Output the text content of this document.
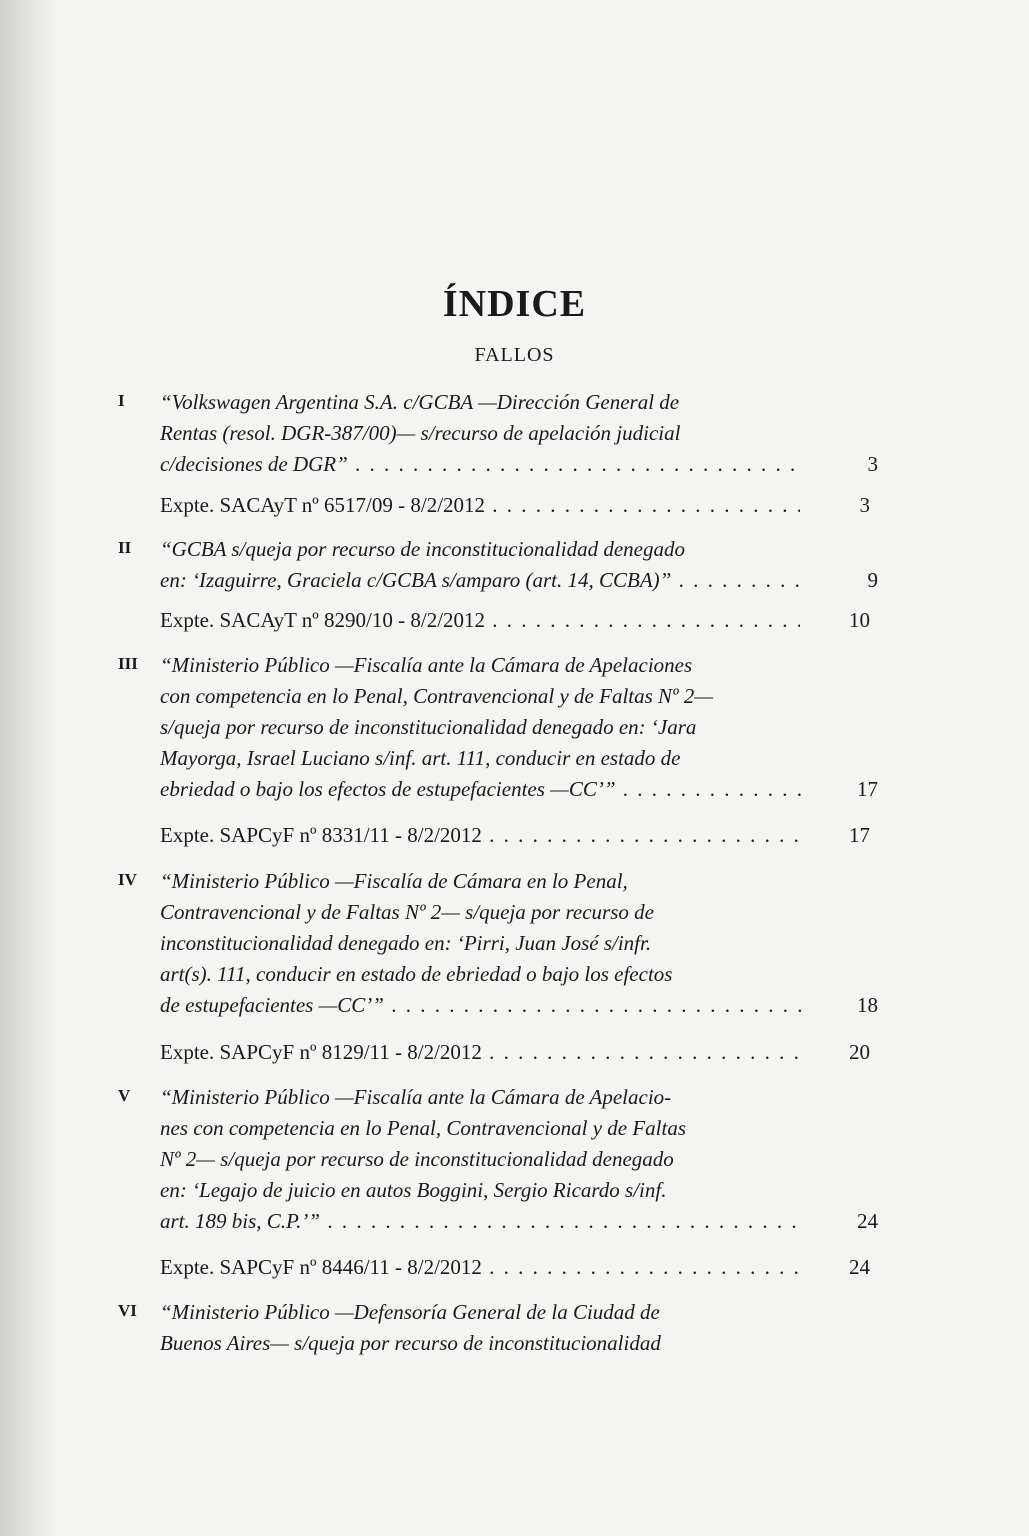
ÍNDICE
FALLOS
I	“Volkswagen Argentina S.A. c/GCBA —Dirección General de
Rentas (resol. DGR-387/00)— s/recurso de apelación judicial
c/decisiones de DGR” . . .	3
Expte. SACAyT nº 6517/09 - 8/2/2012 . . .	3
II	“GCBA s/queja por recurso de inconstitucionalidad denegado
en: ‘Izaguirre, Graciela c/GCBA s/amparo (art. 14, CCBA)” . . .	9
Expte. SACAyT nº 8290/10 - 8/2/2012 . . .	10
III	“Ministerio Público —Fiscalía ante la Cámara de Apelaciones
con competencia en lo Penal, Contravencional y de Faltas Nº 2—
s/queja por recurso de inconstitucionalidad denegado en: ‘Jara
Mayorga, Israel Luciano s/inf. art. 111, conducir en estado de
ebriedad o bajo los efectos de estupefacientes —CC’” . . .	17
Expte. SAPCyF nº 8331/11 - 8/2/2012 . . .	17
IV	“Ministerio Público —Fiscalía de Cámara en lo Penal,
Contravencional y de Faltas Nº 2— s/queja por recurso de
inconstitucionalidad denegado en: ‘Pirri, Juan José s/infr.
art(s). 111, conducir en estado de ebriedad o bajo los efectos
de estupefacientes —CC’” . . .	18
Expte. SAPCyF nº 8129/11 - 8/2/2012 . . .	20
V	“Ministerio Público —Fiscalía ante la Cámara de Apelacio-
nes con competencia en lo Penal, Contravencional y de Faltas
Nº 2— s/queja por recurso de inconstitucionalidad denegado
en: ‘Legajo de juicio en autos Boggini, Sergio Ricardo s/inf.
art. 189 bis, C.P.’” . . .	24
Expte. SAPCyF nº 8446/11 - 8/2/2012 . . .	24
VI	“Ministerio Público —Defensoría General de la Ciudad de
Buenos Aires— s/queja por recurso de inconstitucionalidad
